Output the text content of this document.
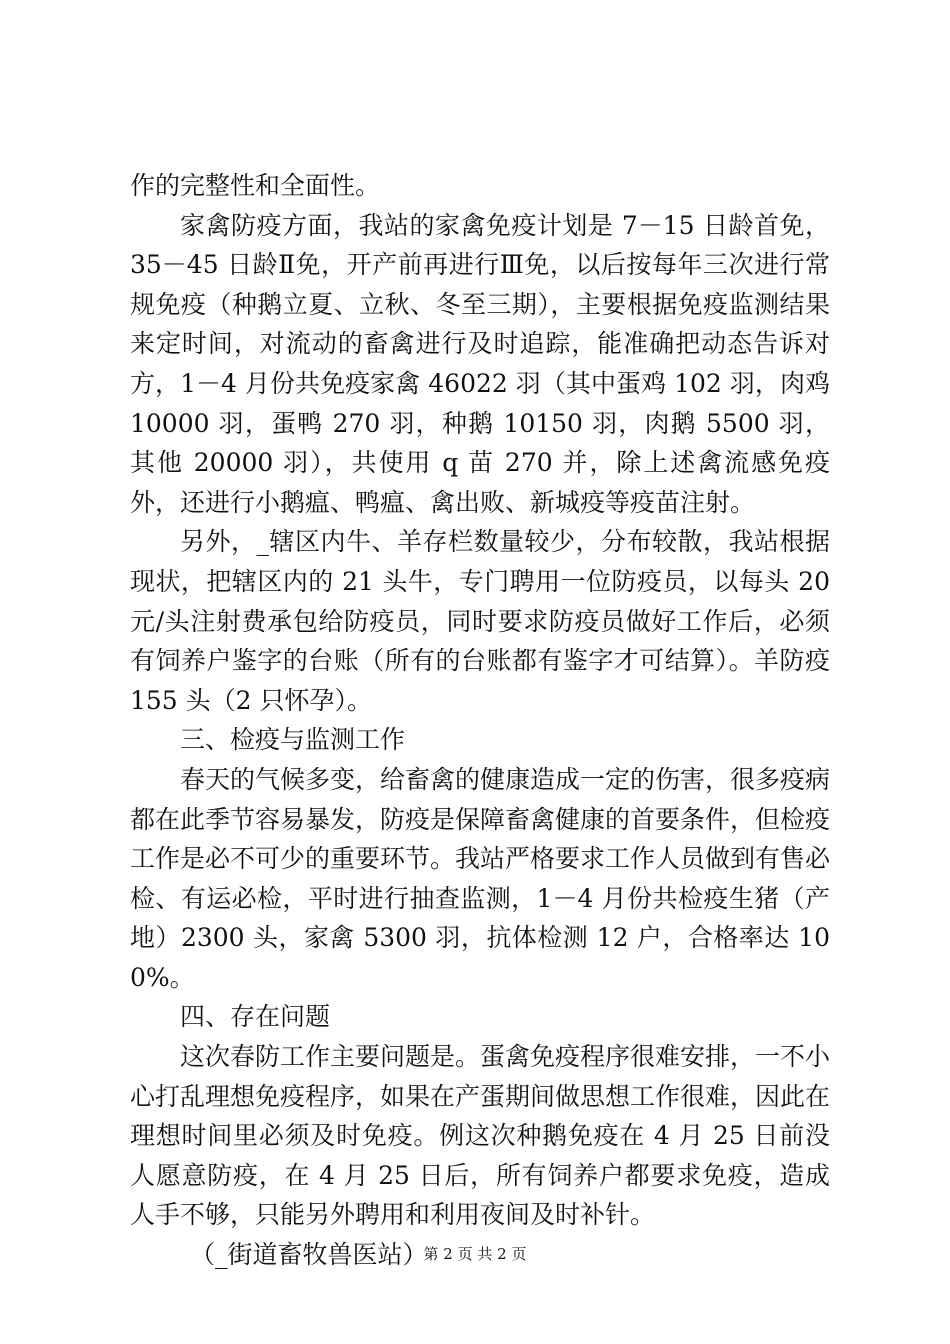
作的完整性和全面性。

家禽防疫方面，我站的家禽免疫计划是 7－15 日龄首免，35－45 日龄Ⅱ免，开产前再进行Ⅲ免，以后按每年三次进行常规免疫（种鹅立夏、立秋、冬至三期），主要根据免疫监测结果来定时间，对流动的畜禽进行及时追踪，能准确把动态告诉对方，1－4 月份共免疫家禽 46022 羽（其中蛋鸡 102 羽，肉鸡 10000 羽，蛋鸭 270 羽，种鹅 10150 羽，肉鹅 5500 羽，其他 20000 羽），共使用 q 苗 270 并，除上述禽流感免疫外，还进行小鹅瘟、鸭瘟、禽出败、新城疫等疫苗注射。

另外，_辖区内牛、羊存栏数量较少，分布较散，我站根据现状，把辖区内的 21 头牛，专门聘用一位防疫员，以每头 20 元/头注射费承包给防疫员，同时要求防疫员做好工作后，必须有饲养户鉴字的台账（所有的台账都有鉴字才可结算）。羊防疫 155 头（2 只怀孕）。

三、检疫与监测工作

春天的气候多变，给畜禽的健康造成一定的伤害，很多疫病都在此季节容易暴发，防疫是保障畜禽健康的首要条件，但检疫工作是必不可少的重要环节。我站严格要求工作人员做到有售必检、有运必检，平时进行抽查监测，1－4 月份共检疫生猪（产地）2300 头，家禽 5300 羽，抗体检测 12 户，合格率达 100%。

四、存在问题

这次春防工作主要问题是。蛋禽免疫程序很难安排，一不小心打乱理想免疫程序，如果在产蛋期间做思想工作很难，因此在理想时间里必须及时免疫。例这次种鹅免疫在 4 月 25 日前没人愿意防疫，在 4 月 25 日后，所有饲养户都要求免疫，造成人手不够，只能另外聘用和利用夜间及时补针。

（_街道畜牧兽医站）

第 2 页 共 2 页
